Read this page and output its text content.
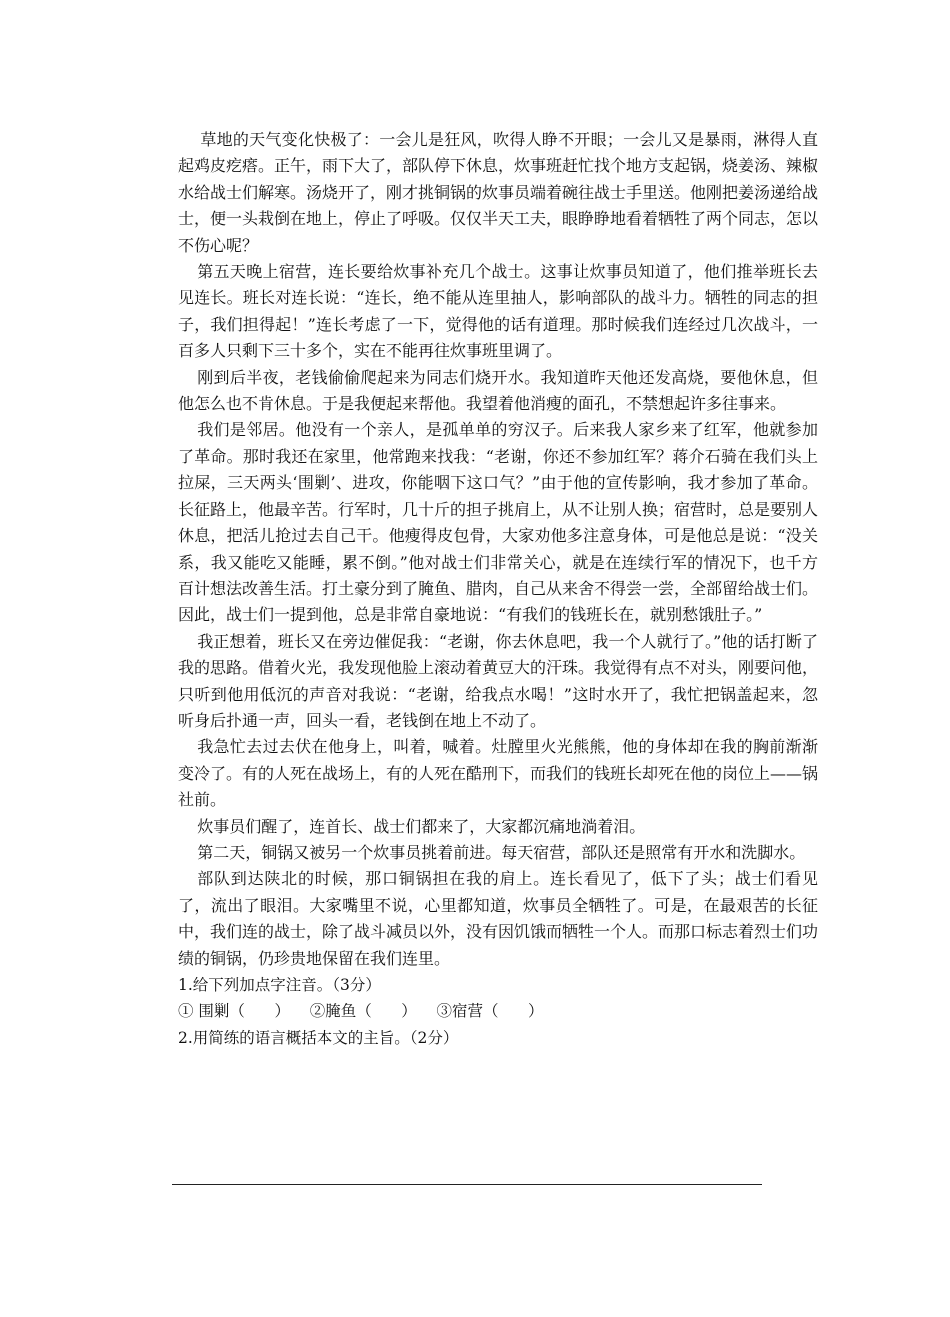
草地的天气变化快极了：一会儿是狂风，吹得人睁不开眼；一会儿又是暴雨，淋得人直起鸡皮疙瘩。正午，雨下大了，部队停下休息，炊事班赶忙找个地方支起锅，烧姜汤、辣椒水给战士们解寒。汤烧开了，刚才挑铜锅的炊事员端着碗往战士手里送。他刚把姜汤递给战士，便一头栽倒在地上，停止了呼吸。仅仅半天工夫，眼睁睁地看着牺牲了两个同志，怎以不伤心呢？

第五天晚上宿营，连长要给炊事补充几个战士。这事让炊事员知道了，他们推举班长去见连长。班长对连长说：“连长，绝不能从连里抽人，影响部队的战斗力。牺牲的同志的担子，我们担得起！”连长考虑了一下，觉得他的话有道理。那时候我们连经过几次战斗，一百多人只剩下三十多个，实在不能再往炊事班里调了。

刚到后半夜，老钱偷偷爬起来为同志们烧开水。我知道昨天他还发高烧，要他休息，但他怎么也不肯休息。于是我便起来帮他。我望着他消瘦的面孔，不禁想起许多往事来。

我们是邻居。他没有一个亲人，是孤单单的穷汉子。后来我人家乡来了红军，他就参加了革命。那时我还在家里，他常跑来找我：“老谢，你还不参加红军？蒋介石骑在我们头上拉屎，三天两头‘围剿’、进攻，你能咽下这口气？”由于他的宣传影响，我才参加了革命。长征路上，他最辛苦。行军时，几十斤的担子挑肩上，从不让别人换；宿营时，总是要别人休息，把活儿抢过去自己干。他瘦得皮包骨，大家劝他多注意身体，可是他总是说：“没关系，我又能吃又能睡，累不倒。”他对战士们非常关心，就是在连续行军的情况下，也千方百计想法改善生活。打土豪分到了腌鱼、腊肉，自己从来舍不得尝一尝，全部留给战士们。因此，战士们一提到他，总是非常自豪地说：“有我们的钱班长在，就别愁饿肚子。”

我正想着，班长又在旁边催促我：“老谢，你去休息吧，我一个人就行了。”他的话打断了我的思路。借着火光，我发现他脸上滚动着黄豆大的汗珠。我觉得有点不对头，刚要问他，只听到他用低沉的声音对我说：“老谢，给我点水喝！”这时水开了，我忙把锅盖起来，忽听身后扑通一声，回头一看，老钱倒在地上不动了。

我急忙去过去伏在他身上，叫着，喊着。灶膛里火光熊熊，他的身体却在我的胸前渐渐变冷了。有的人死在战场上，有的人死在酷刑下，而我们的钱班长却死在他的岗位上——锅社前。

炊事员们醒了，连首长、战士们都来了，大家都沉痛地淌着泪。

第二天，铜锅又被另一个炊事员挑着前进。每天宿营，部队还是照常有开水和洗脚水。

部队到达陕北的时候，那口铜锅担在我的肩上。连长看见了，低下了头；战士们看见了，流出了眼泪。大家嘴里不说，心里都知道，炊事员全牺牲了。可是，在最艰苦的长征中，我们连的战士，除了战斗减员以外，没有因饥饿而牺牲一个人。而那口标志着烈士们功绩的铜锅，仍珍贵地保留在我们连里。

1.给下列加点字注音。（3分）

① 围剿（      ） ②腌鱼（      ） ③宿营（      ）

2.用简练的语言概括本文的主旨。（2分）
